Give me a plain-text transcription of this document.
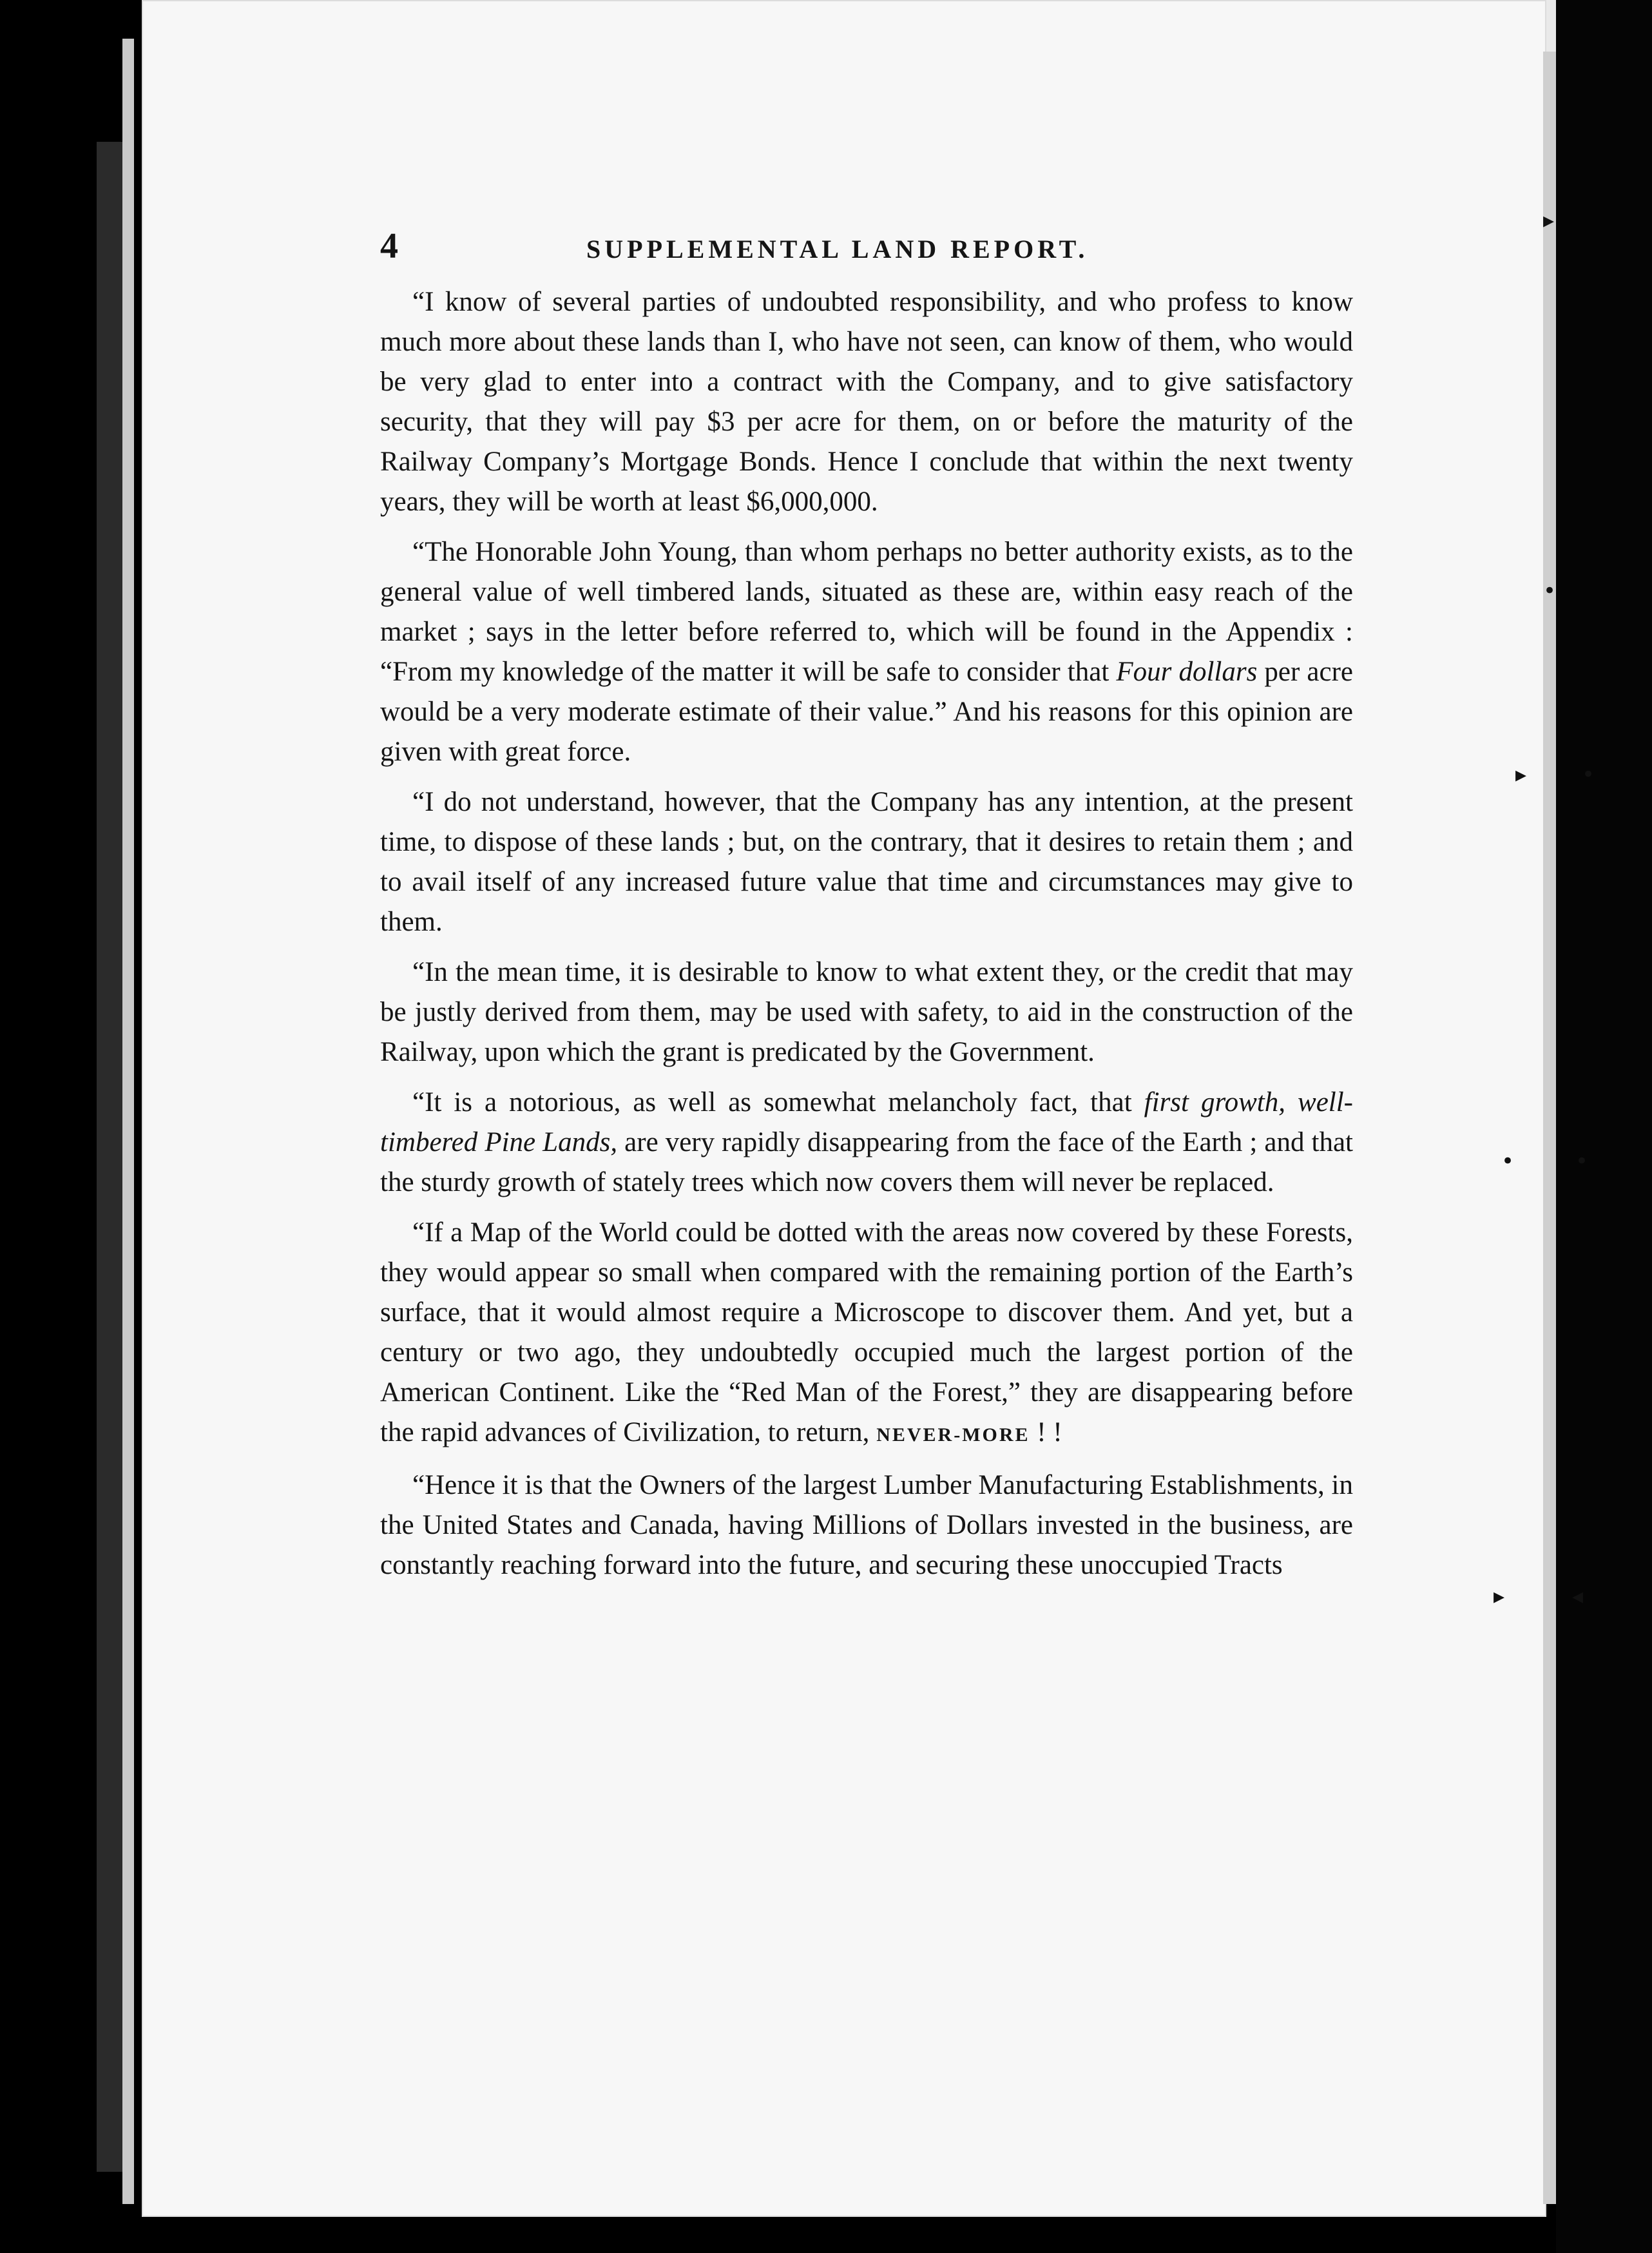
▸
•
▸	•
•	•
▸	◂
4	SUPPLEMENTAL LAND REPORT.

“I know of several parties of undoubted responsibility, and who profess to know much more about these lands than I, who have not seen, can know of them, who would be very glad to enter into a contract with the Company, and to give satisfactory security, that they will pay $3 per acre for them, on or before the maturity of the Railway Company’s Mortgage Bonds. Hence I conclude that within the next twenty years, they will be worth at least $6,000,000.

“The Honorable John Young, than whom perhaps no better authority exists, as to the general value of well timbered lands, situated as these are, within easy reach of the market ; says in the letter before referred to, which will be found in the Appendix : “From my knowledge of the matter it will be safe to consider that Four dollars per acre would be a very moderate estimate of their value.” And his reasons for this opinion are given with great force.

“I do not understand, however, that the Company has any intention, at the present time, to dispose of these lands ; but, on the contrary, that it desires to retain them ; and to avail itself of any increased future value that time and circumstances may give to them.

“In the mean time, it is desirable to know to what extent they, or the credit that may be justly derived from them, may be used with safety, to aid in the construction of the Railway, upon which the grant is predicated by the Government.

“It is a notorious, as well as somewhat melancholy fact, that first growth, well-timbered Pine Lands, are very rapidly disappearing from the face of the Earth ; and that the sturdy growth of stately trees which now covers them will never be replaced.

“If a Map of the World could be dotted with the areas now covered by these Forests, they would appear so small when compared with the remaining portion of the Earth’s surface, that it would almost require a Microscope to discover them. And yet, but a century or two ago, they undoubtedly occupied much the largest portion of the American Continent. Like the “Red Man of the Forest,” they are disappearing before the rapid advances of Civilization, to return, NEVER-MORE ! !

“Hence it is that the Owners of the largest Lumber Manufacturing Establishments, in the United States and Canada, having Millions of Dollars invested in the business, are constantly reaching forward into the future, and securing these unoccupied Tracts
